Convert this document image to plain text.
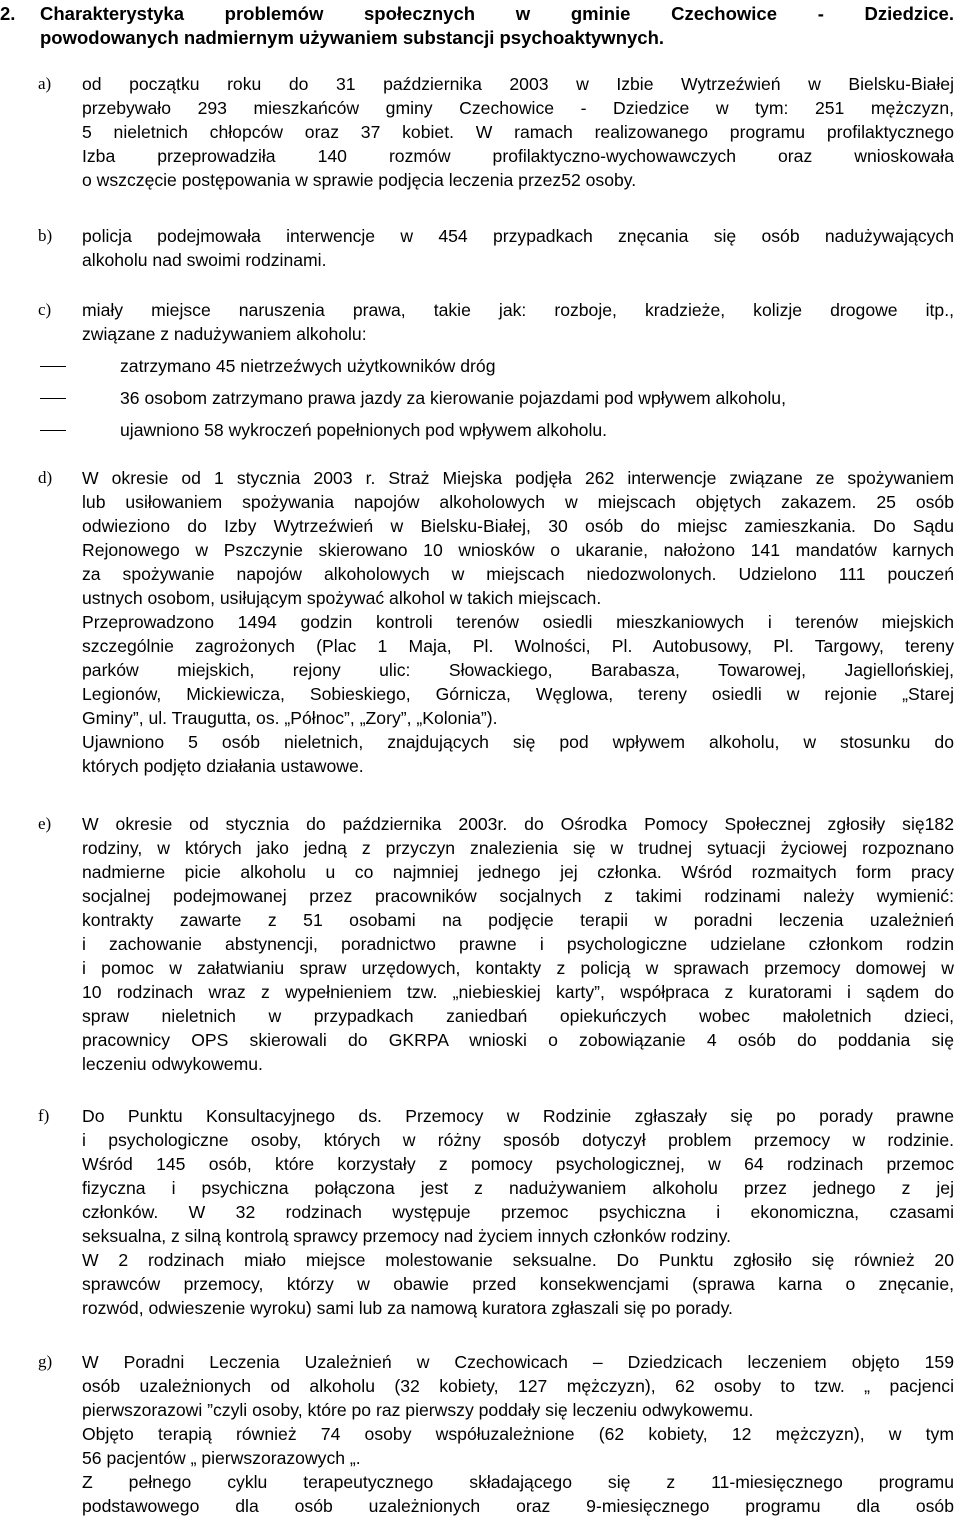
2. Charakterystyka problemów społecznych w gminie Czechowice - Dziedzice.
powodowanych nadmiernym używaniem substancji psychoaktywnych.
a) od początku roku do 31 października 2003 w Izbie Wytrzeźwień w Bielsku-Białej
przebywało 293 mieszkańców gminy Czechowice - Dziedzice w tym: 251 mężczyzn,
5 nieletnich chłopców oraz 37 kobiet. W ramach realizowanego programu profilaktycznego
Izba przeprowadziła 140 rozmów profilaktyczno-wychowawczych oraz wnioskowała
o wszczęcie postępowania w sprawie podjęcia leczenia przez52 osoby.
b) policja podejmowała interwencje w 454 przypadkach znęcania się osób nadużywających
alkoholu nad swoimi rodzinami.
c) miały miejsce naruszenia prawa, takie jak: rozboje, kradzieże, kolizje drogowe itp.,
związane z nadużywaniem alkoholu:
zatrzymano 45 nietrzeźwych użytkowników dróg
36 osobom zatrzymano prawa jazdy za kierowanie pojazdami pod wpływem alkoholu,
ujawniono 58 wykroczeń popełnionych pod wpływem alkoholu.
d) W okresie od 1 stycznia 2003 r. Straż Miejska podjęła 262 interwencje związane ze spożywaniem
lub usiłowaniem spożywania napojów alkoholowych w miejscach objętych zakazem. 25 osób
odwieziono do Izby Wytrzeźwień w Bielsku-Białej, 30 osób do miejsc zamieszkania. Do Sądu
Rejonowego w Pszczynie skierowano 10 wniosków o ukaranie, nałożono 141 mandatów karnych
za spożywanie napojów alkoholowych w miejscach niedozwolonych. Udzielono 111 pouczeń
ustnych osobom, usiłującym spożywać alkohol w takich miejscach.
Przeprowadzono 1494 godzin kontroli terenów osiedli mieszkaniowych i terenów miejskich
szczególnie zagrożonych (Plac 1 Maja, Pl. Wolności, Pl. Autobusowy, Pl. Targowy, tereny
parków miejskich, rejony ulic: Słowackiego, Barabasza, Towarowej, Jagiellońskiej,
Legionów, Mickiewicza, Sobieskiego, Górnicza, Węglowa, tereny osiedli w rejonie „Starej
Gminy”, ul. Traugutta, os. „Północ”, „Zory”, „Kolonia”).
Ujawniono 5 osób nieletnich, znajdujących się pod wpływem alkoholu, w stosunku do
których podjęto działania ustawowe.
e) W okresie od stycznia do października 2003r. do Ośrodka Pomocy Społecznej zgłosiły się182
rodziny, w których jako jedną z przyczyn znalezienia się w trudnej sytuacji życiowej rozpoznano
nadmierne picie alkoholu u co najmniej jednego jej członka. Wśród rozmaitych form pracy
socjalnej podejmowanej przez pracowników socjalnych z takimi rodzinami należy wymienić:
kontrakty zawarte z 51 osobami na podjęcie terapii w poradni leczenia uzależnień
i zachowanie abstynencji, poradnictwo prawne i psychologiczne udzielane członkom rodzin
i pomoc w załatwianiu spraw urzędowych, kontakty z policją w sprawach przemocy domowej w
10 rodzinach wraz z wypełnieniem tzw. „niebieskiej karty”, współpraca z kuratorami i sądem do
spraw nieletnich w przypadkach zaniedbań opiekuńczych wobec małoletnich dzieci,
pracownicy OPS skierowali do GKRPA wnioski o zobowiązanie 4 osób do poddania się
leczeniu odwykowemu.
f) Do Punktu Konsultacyjnego ds. Przemocy w Rodzinie zgłaszały się po porady prawne
i psychologiczne osoby, których w różny sposób dotyczył problem przemocy w rodzinie.
Wśród 145 osób, które korzystały z pomocy psychologicznej, w 64 rodzinach przemoc
fizyczna i psychiczna połączona jest z nadużywaniem alkoholu przez jednego z jej
członków. W 32 rodzinach występuje przemoc psychiczna i ekonomiczna, czasami
seksualna, z silną kontrolą sprawcy przemocy nad życiem innych członków rodziny.
W 2 rodzinach miało miejsce molestowanie seksualne. Do Punktu zgłosiło się również 20
sprawców przemocy, którzy w obawie przed konsekwencjami (sprawa karna o znęcanie,
rozwód, odwieszenie wyroku) sami lub za namową kuratora zgłaszali się po porady.
g) W Poradni Leczenia Uzależnień w Czechowicach – Dziedzicach leczeniem objęto 159
osób uzależnionych od alkoholu (32 kobiety, 127 mężczyzn), 62 osoby to tzw. „ pacjenci
pierwszorazowi ”czyli osoby, które po raz pierwszy poddały się leczeniu odwykowemu.
Objęto terapią również 74 osoby współuzależnione (62 kobiety, 12 mężczyzn), w tym
56 pacjentów „ pierwszorazowych „.
Z pełnego cyklu terapeutycznego składającego się z 11-miesięcznego programu
podstawowego dla osób uzależnionych oraz 9-miesięcznego programu dla osób
